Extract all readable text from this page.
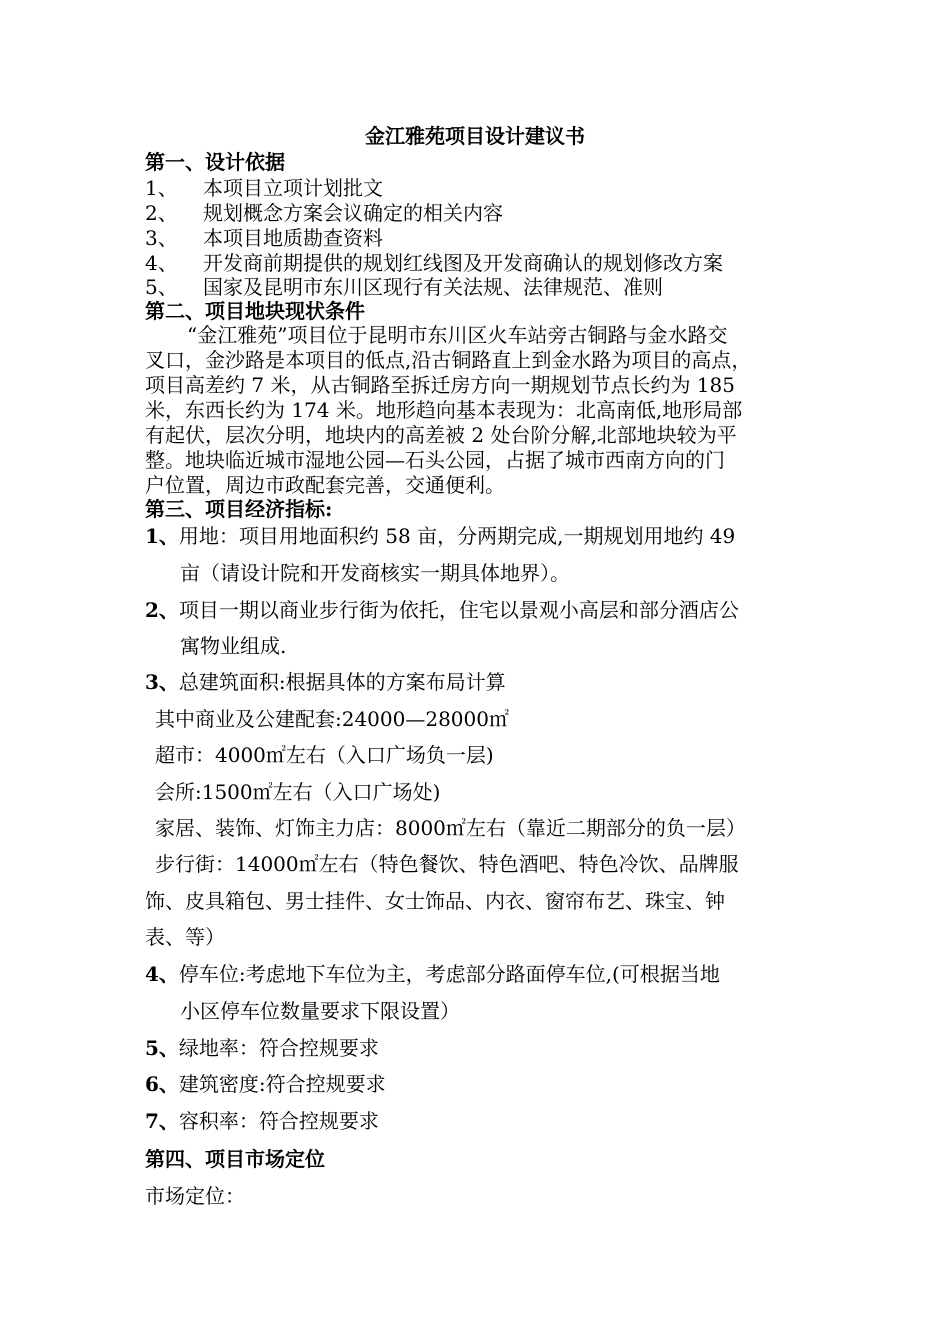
金江雅苑项目设计建议书
第一、设计依据
1、 本项目立项计划批文
2、 规划概念方案会议确定的相关内容
3、 本项目地质勘查资料
4、 开发商前期提供的规划红线图及开发商确认的规划修改方案
5、 国家及昆明市东川区现行有关法规、法律规范、准则
第二、项目地块现状条件
“金江雅苑”项目位于昆明市东川区火车站旁古铜路与金水路交
叉口，金沙路是本项目的低点,沿古铜路直上到金水路为项目的高点，
项目高差约 7 米，从古铜路至拆迁房方向一期规划节点长约为 185
米，东西长约为 174 米。地形趋向基本表现为：北高南低,地形局部
有起伏，层次分明，地块内的高差被 2 处台阶分解,北部地块较为平
整。地块临近城市湿地公园—石头公园，占据了城市西南方向的门
户位置，周边市政配套完善，交通便利。
第三、项目经济指标:
1、用地：项目用地面积约 58 亩，分两期完成,一期规划用地约 49
亩（请设计院和开发商核实一期具体地界）。
2、项目一期以商业步行街为依托，住宅以景观小高层和部分酒店公
寓物业组成.
3、总建筑面积:根据具体的方案布局计算
其中商业及公建配套:24000—28000㎡
超市：4000㎡左右（入口广场负一层)
会所:1500㎡左右（入口广场处)
家居、装饰、灯饰主力店：8000㎡左右（靠近二期部分的负一层）
步行街：14000㎡左右（特色餐饮、特色酒吧、特色冷饮、品牌服
饰、皮具箱包、男士挂件、女士饰品、内衣、窗帘布艺、珠宝、钟
表、等）
4、停车位:考虑地下车位为主，考虑部分路面停车位,(可根据当地
小区停车位数量要求下限设置）
5、绿地率：符合控规要求
6、建筑密度:符合控规要求
7、容积率：符合控规要求
第四、项目市场定位
市场定位：
